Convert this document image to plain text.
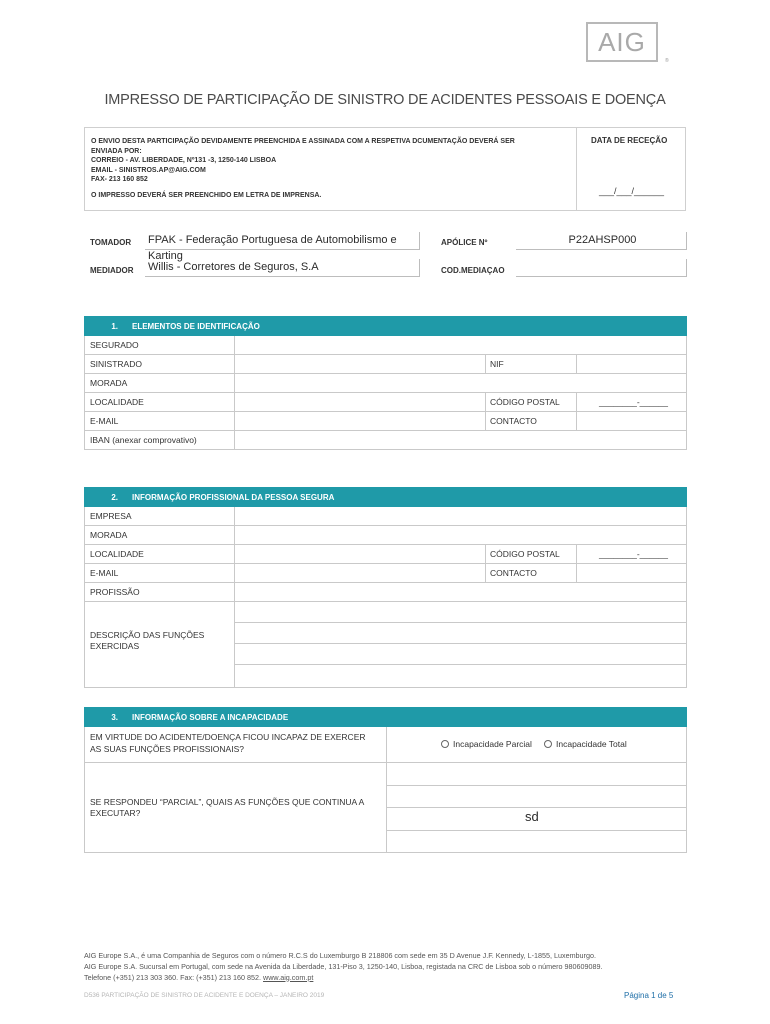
AIG
®
IMPRESSO DE PARTICIPAÇÃO DE SINISTRO DE ACIDENTES PESSOAIS E DOENÇA
O ENVIO DESTA PARTICIPAÇÃO DEVIDAMENTE PREENCHIDA E ASSINADA COM A RESPETIVA DCUMENTAÇÃO DEVERÁ SER
ENVIADA POR:
CORREIO - AV. LIBERDADE, Nº131 -3, 1250-140 LISBOA
EMAIL - SINISTROS.AP@AIG.COM
FAX- 213 160 852
O IMPRESSO DEVERÁ SER PREENCHIDO EM LETRA DE IMPRENSA.
DATA DE RECEÇÃO
___/___/______
TOMADOR FPAK - Federação Portuguesa de Automobilismo e Karting
APÓLICE Nº	P22AHSP000
MEDIADOR Willis - Corretores de Seguros, S.A	COD.MEDIAÇAO
1.	ELEMENTOS DE IDENTIFICAÇÃO
SEGURADO
SINISTRADO	NIF
MORADA
LOCALIDADE	CÓDIGO POSTAL	________-______
E-MAIL	CONTACTO
IBAN (anexar comprovativo)
2.	INFORMAÇÃO PROFISSIONAL DA PESSOA SEGURA
EMPRESA
MORADA
LOCALIDADE	CÓDIGO POSTAL	________-______
E-MAIL	CONTACTO
PROFISSÃO
DESCRIÇÃO DAS FUNÇÕES
EXERCIDAS
3.	INFORMAÇÃO SOBRE A INCAPACIDADE
EM VIRTUDE DO ACIDENTE/DOENÇA FICOU INCAPAZ DE EXERCER
AS SUAS FUNÇÕES PROFISSIONAIS?	Incapacidade Parcial	Incapacidade Total
SE RESPONDEU “PARCIAL”, QUAIS AS FUNÇÕES QUE CONTINUA A
EXECUTAR?	sd
AIG Europe S.A., é uma Companhia de Seguros com o número R.C.S do Luxemburgo B 218806 com sede em 35 D Avenue J.F. Kennedy, L-1855, Luxemburgo.
AIG Europe S.A. Sucursal em Portugal, com sede na Avenida da Liberdade, 131-Piso 3, 1250-140, Lisboa, registada na CRC de Lisboa sob o número 980609089.
Telefone (+351) 213 303 360. Fax: (+351) 213 160 852. www.aig.com.pt
D536 PARTICIPAÇÃO DE SINISTRO DE ACIDENTE E DOENÇA – JANEIRO 2019	Página 1 de 5
